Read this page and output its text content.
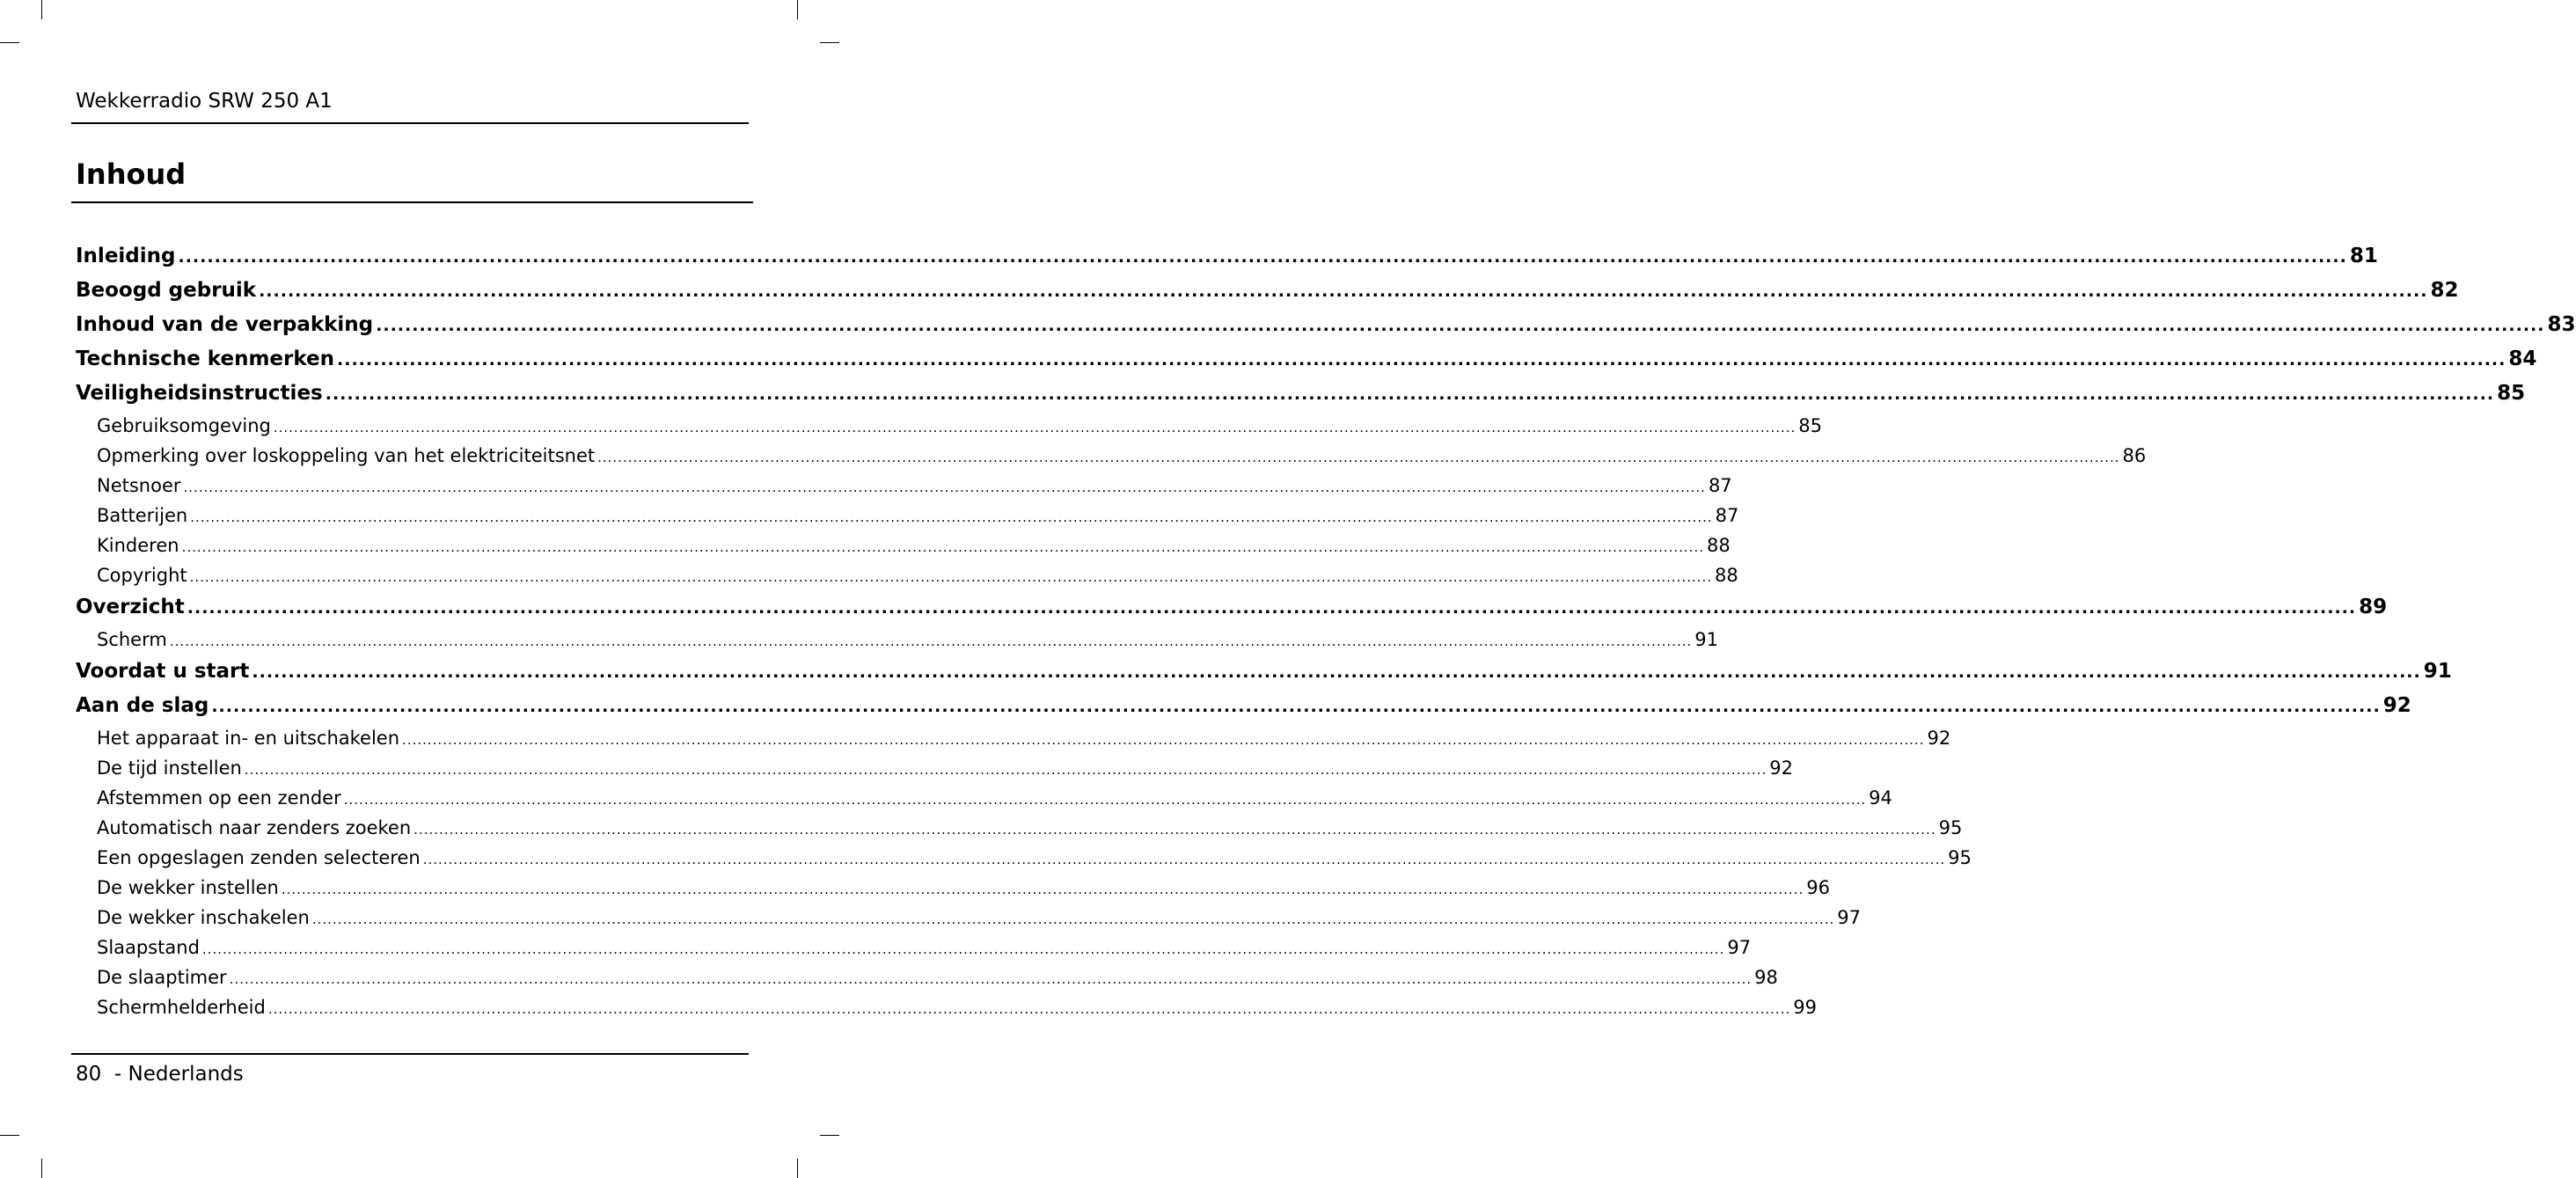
Wekkerradio SRW 250 A1
Inhoud
Inleiding ............................................................................................................................................................................................................................................................................................................ 81
Beoogd gebruik ............................................................................................................................................................................................................................................................................................................ 82
Inhoud van de verpakking ............................................................................................................................................................................................................................................................................................................ 83
Technische kenmerken ............................................................................................................................................................................................................................................................................................................ 84
Veiligheidsinstructies ............................................................................................................................................................................................................................................................................................................ 85
Gebruiksomgeving ............................................................................................................................................................................................................................................................................................................ 85
Opmerking over loskoppeling van het elektriciteitsnet ............................................................................................................................................................................................................................................................................................................ 86
Netsnoer ............................................................................................................................................................................................................................................................................................................ 87
Batterijen ............................................................................................................................................................................................................................................................................................................ 87
Kinderen ............................................................................................................................................................................................................................................................................................................ 88
Copyright ............................................................................................................................................................................................................................................................................................................ 88
Overzicht ............................................................................................................................................................................................................................................................................................................ 89
Scherm ............................................................................................................................................................................................................................................................................................................ 91
Voordat u start ............................................................................................................................................................................................................................................................................................................ 91
Aan de slag ............................................................................................................................................................................................................................................................................................................ 92
Het apparaat in- en uitschakelen ............................................................................................................................................................................................................................................................................................................ 92
De tijd instellen ............................................................................................................................................................................................................................................................................................................ 92
Afstemmen op een zender ............................................................................................................................................................................................................................................................................................................ 94
Automatisch naar zenders zoeken ............................................................................................................................................................................................................................................................................................................ 95
Een opgeslagen zenden selecteren ............................................................................................................................................................................................................................................................................................................ 95
De wekker instellen ............................................................................................................................................................................................................................................................................................................ 96
De wekker inschakelen ............................................................................................................................................................................................................................................................................................................ 97
Slaapstand ............................................................................................................................................................................................................................................................................................................ 97
De slaaptimer ............................................................................................................................................................................................................................................................................................................ 98
Schermhelderheid ............................................................................................................................................................................................................................................................................................................ 99
80 - Nederlands
